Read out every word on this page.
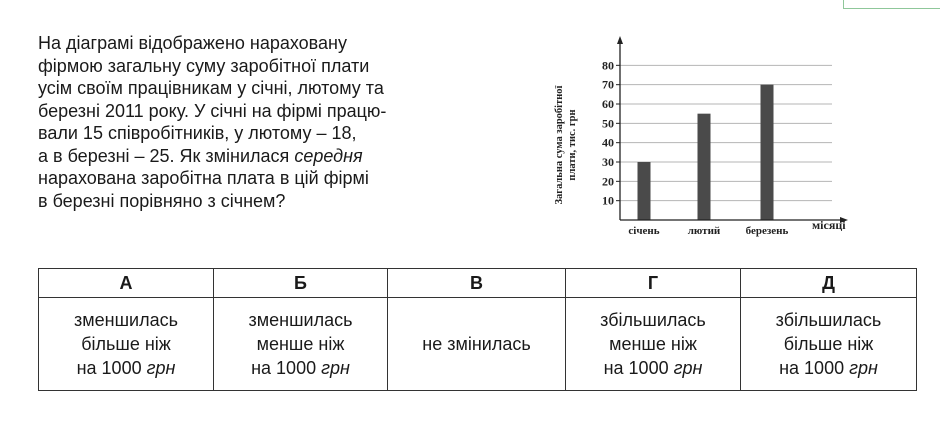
На діаграмі відображено нараховану
фірмою загальну суму заробітної плати
усім своїм працівникам у січні, лютому та
березні 2011 року. У січні на фірмі працю-
вали 15 співробітників, у лютому – 18,
а в березні – 25. Як змінилася середня
нарахована заробітна плата в цій фірмі
в березні порівняно з січнем?	10
20
30
40
50
60
70
80
січень	лютий березень
Загальна сума заробітної плати, тис. грн
місяці
А	Б	В	Г	Д

зменшилась
більше ніж
на 1000 грн	зменшилась
менше ніж
на 1000 грн	не змінилась	збільшилась
менше ніж
на 1000 грн	збільшилась
більше ніж
на 1000 грн
